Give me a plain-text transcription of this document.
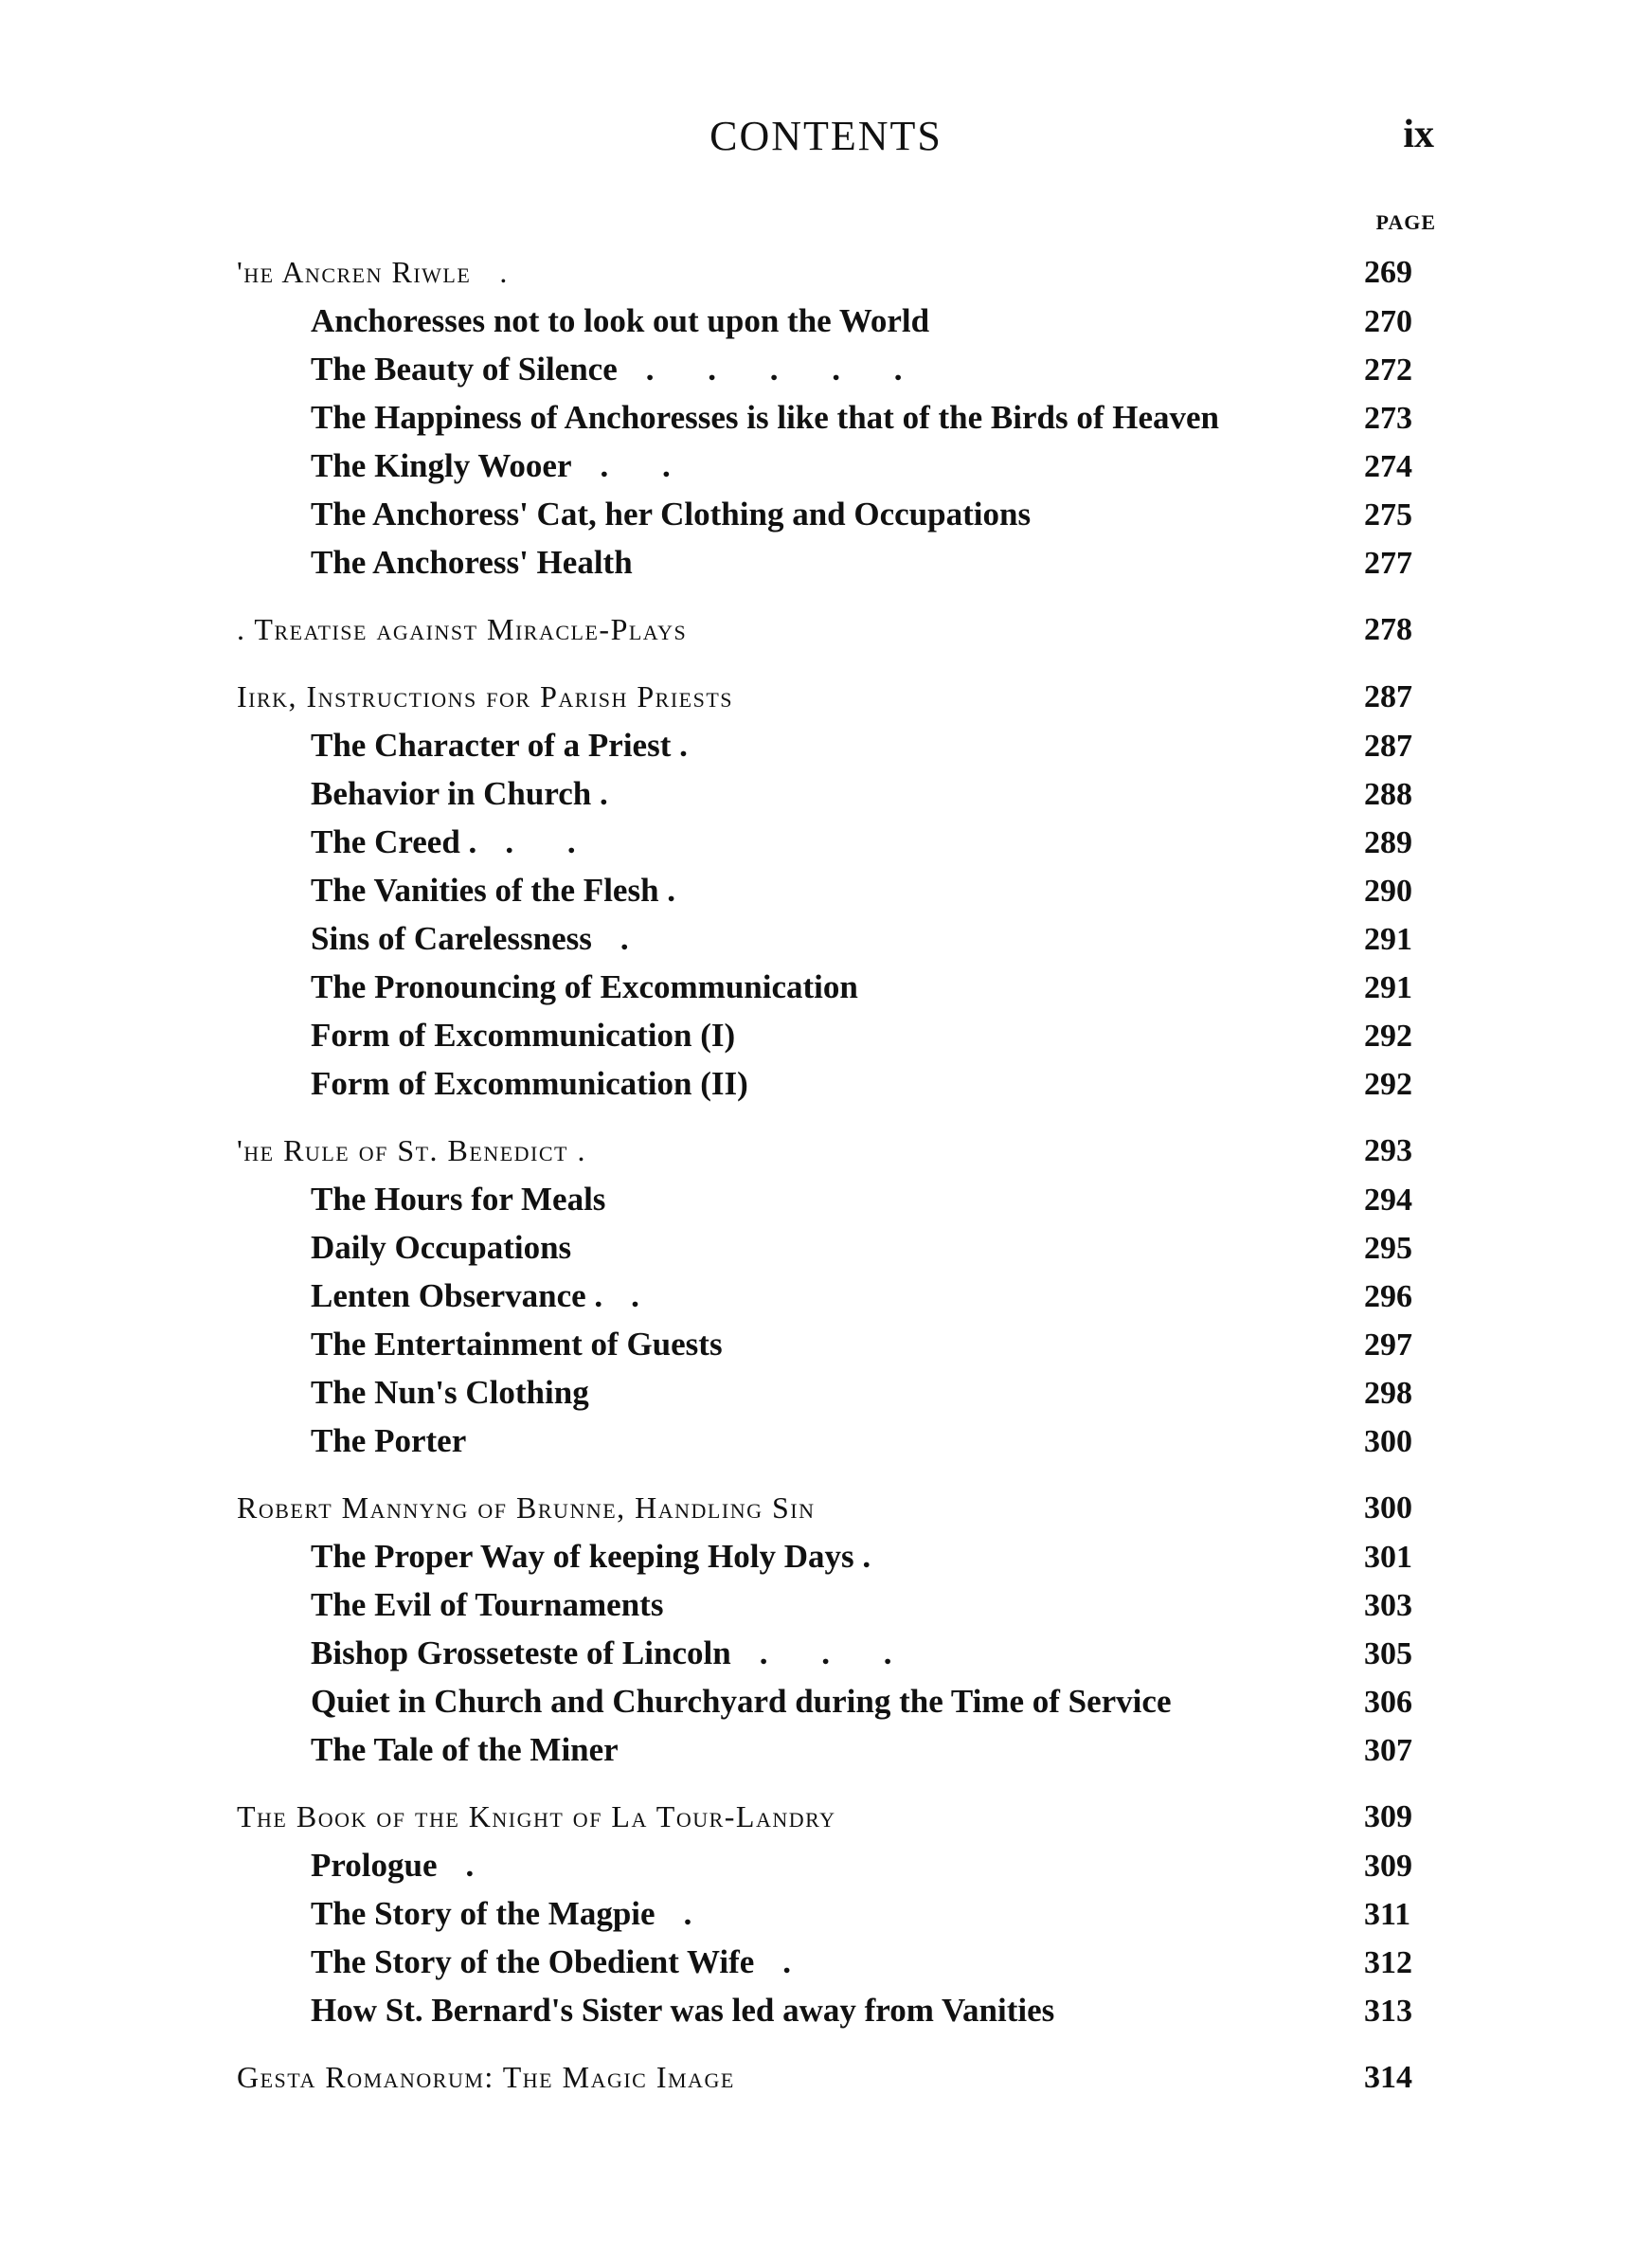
CONTENTS	ix
PAGE
'he Ancren Riwle .	269
Anchoresses not to look out upon the World	270
The Beauty of Silence . . . . .	272
The Happiness of Anchoresses is like that of the Birds of Heaven	273
The Kingly Wooer . .	274
The Anchoress' Cat, her Clothing and Occupations	275
The Anchoress' Health	277
. Treatise against Miracle-Plays	278
Iirk, Instructions for Parish Priests	287
The Character of a Priest .	287
Behavior in Church .	288
The Creed . . .	289
The Vanities of the Flesh .	290
Sins of Carelessness .	291
The Pronouncing of Excommunication	291
Form of Excommunication (I)	292
Form of Excommunication (II)	292
'he Rule of St. Benedict .	293
The Hours for Meals	294
Daily Occupations	295
Lenten Observance . .	296
The Entertainment of Guests	297
The Nun's Clothing	298
The Porter	300
Robert Mannyng of Brunne, Handling Sin	300
The Proper Way of keeping Holy Days .	301
The Evil of Tournaments	303
Bishop Grosseteste of Lincoln . . .	305
Quiet in Church and Churchyard during the Time of Service	306
The Tale of the Miner	307
The Book of the Knight of La Tour-Landry	309
Prologue .	309
The Story of the Magpie .	311
The Story of the Obedient Wife .	312
How St. Bernard's Sister was led away from Vanities	313
Gesta Romanorum: The Magic Image	314
